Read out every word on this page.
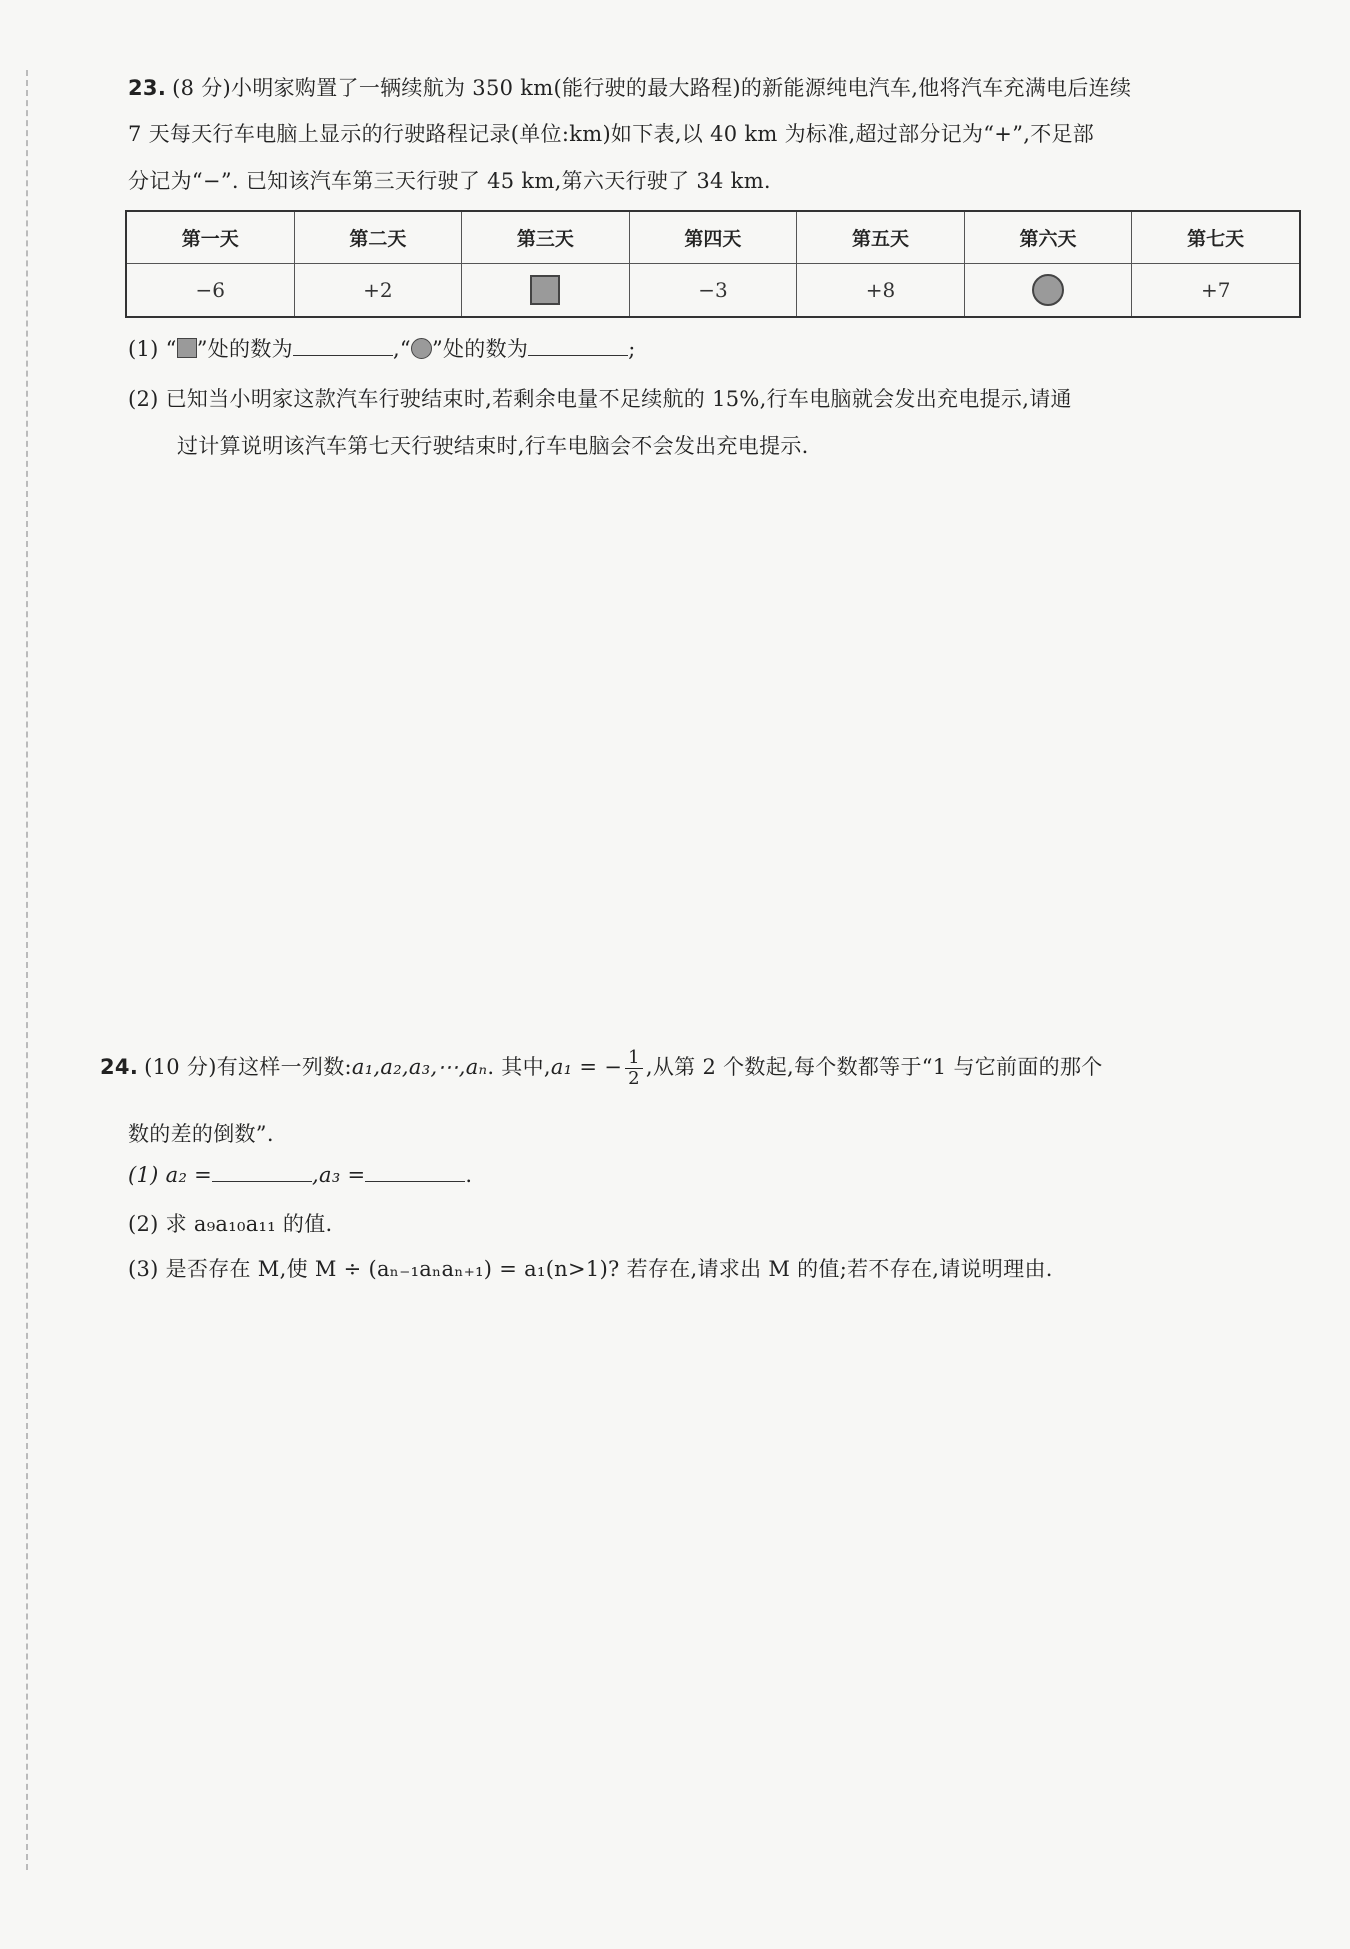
23. (8 分)小明家购置了一辆续航为 350 km(能行驶的最大路程)的新能源纯电汽车,他将汽车充满电后连续
7 天每天行车电脑上显示的行驶路程记录(单位:km)如下表,以 40 km 为标准,超过部分记为“+”,不足部
分记为“−”. 已知该汽车第三天行驶了 45 km,第六天行驶了 34 km.
第一天	第二天	第三天	第四天	第五天	第六天	第七天
−6	+2		−3	+8		+7
(1) “ ”处的数为	,“ ”处的数为	;
(2) 已知当小明家这款汽车行驶结束时,若剩余电量不足续航的 15%,行车电脑就会发出充电提示,请通
过计算说明该汽车第七天行驶结束时,行车电脑会不会发出充电提示.
24. (10 分)有这样一列数:a₁,a₂,a₃,⋯,aₙ. 其中,a₁ = − $\frac{1}{2}$ ,从第 2 个数起,每个数都等于“1 与它前面的那个
数的差的倒数”.
(1) a₂ =	,a₃ =	.
(2) 求 a₉a₁₀a₁₁ 的值.
(3) 是否存在 M,使 M ÷ (aₙ₋₁aₙaₙ₊₁) = a₁(n>1)? 若存在,请求出 M 的值;若不存在,请说明理由.
